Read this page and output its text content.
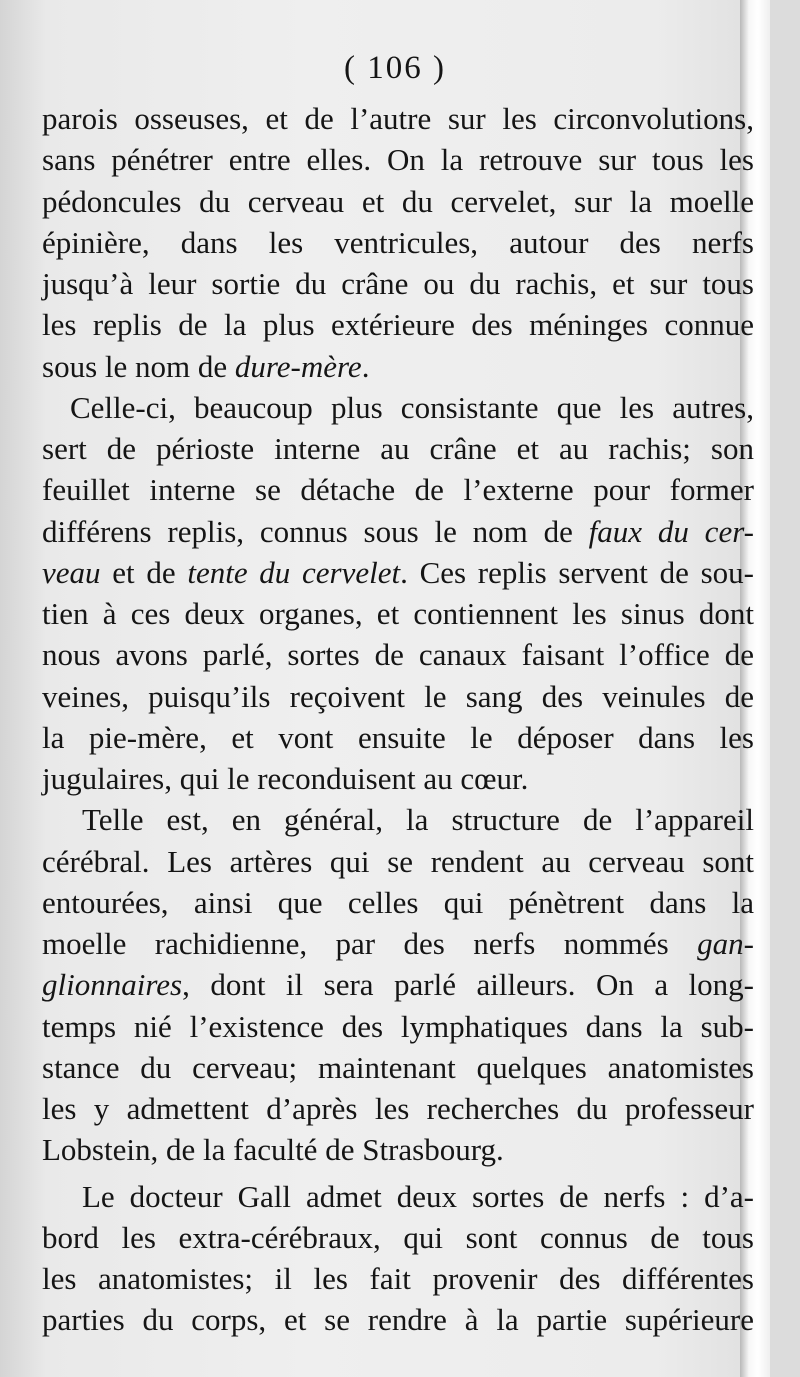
( 106 )
parois osseuses, et de l’autre sur les circonvolutions,
sans pénétrer entre elles. On la retrouve sur tous les
pédoncules du cerveau et du cervelet, sur la moelle
épinière, dans les ventricules, autour des nerfs
jusqu’à leur sortie du crâne ou du rachis, et sur tous
les replis de la plus extérieure des méninges connue
sous le nom de dure-mère.
Celle-ci, beaucoup plus consistante que les autres,
sert de périoste interne au crâne et au rachis; son
feuillet interne se détache de l’externe pour former
différens replis, connus sous le nom de faux du cer-
veau et de tente du cervelet. Ces replis servent de sou-
tien à ces deux organes, et contiennent les sinus dont
nous avons parlé, sortes de canaux faisant l’office de
veines, puisqu’ils reçoivent le sang des veinules de
la pie-mère, et vont ensuite le déposer dans les
jugulaires, qui le reconduisent au cœur.
Telle est, en général, la structure de l’appareil
cérébral. Les artères qui se rendent au cerveau sont
entourées, ainsi que celles qui pénètrent dans la
moelle rachidienne, par des nerfs nommés gan-
glionnaires, dont il sera parlé ailleurs. On a long-
temps nié l’existence des lymphatiques dans la sub-
stance du cerveau; maintenant quelques anatomistes
les y admettent d’après les recherches du professeur
Lobstein, de la faculté de Strasbourg.
Le docteur Gall admet deux sortes de nerfs : d’a-
bord les extra-cérébraux, qui sont connus de tous
les anatomistes; il les fait provenir des différentes
parties du corps, et se rendre à la partie supérieure
